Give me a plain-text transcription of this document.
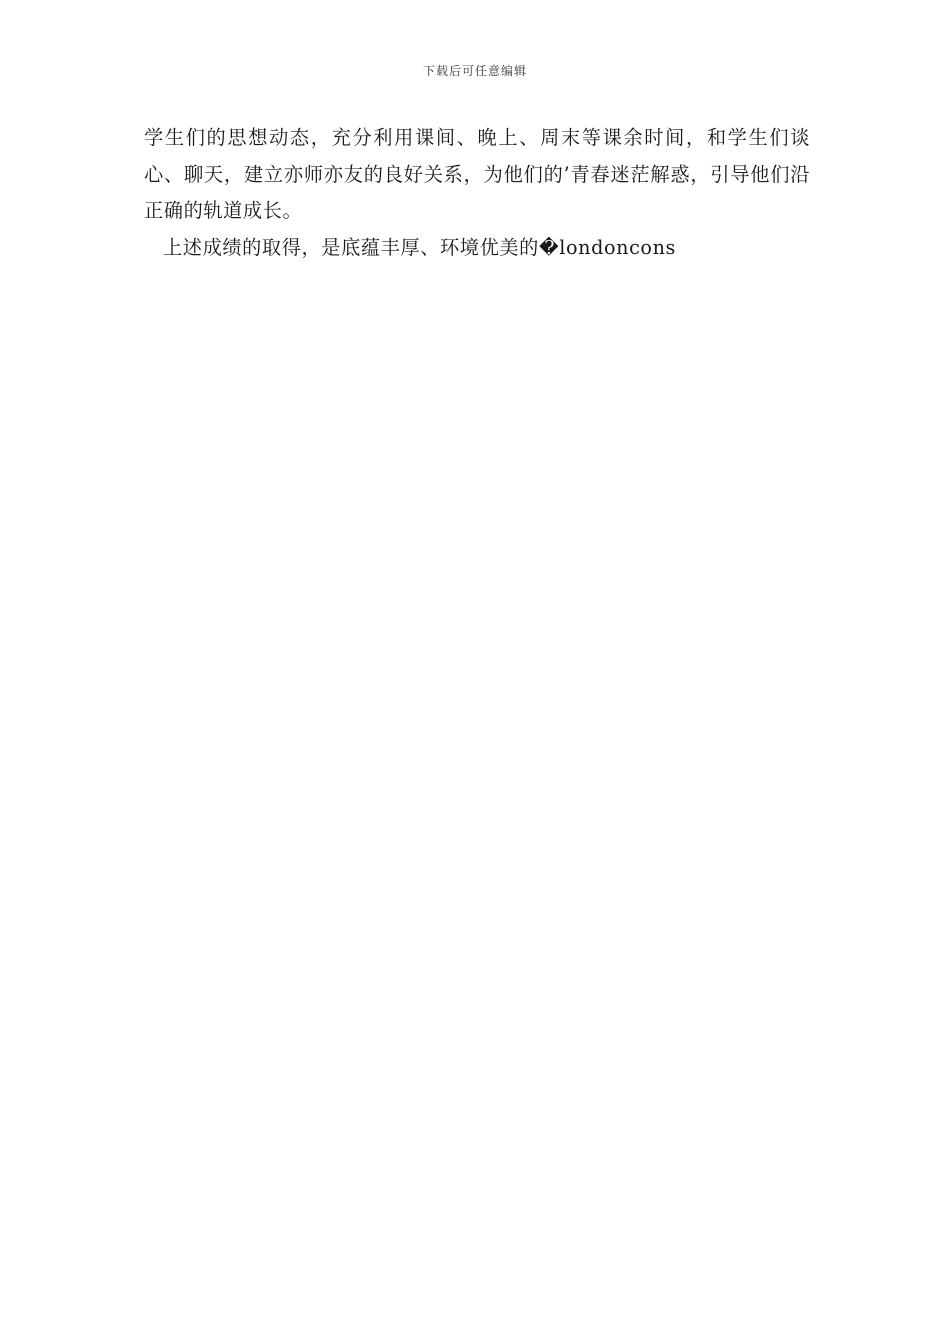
下载后可任意编辑

学生们的思想动态，充分利用课间、晚上、周末等课余时间，和学生们谈心、聊天，建立亦师亦友的良好关系，为他们的’青春迷茫解惑，引导他们沿正确的轨道成长。

上述成绩的取得，是底蕴丰厚、环境优美的�londoncons
